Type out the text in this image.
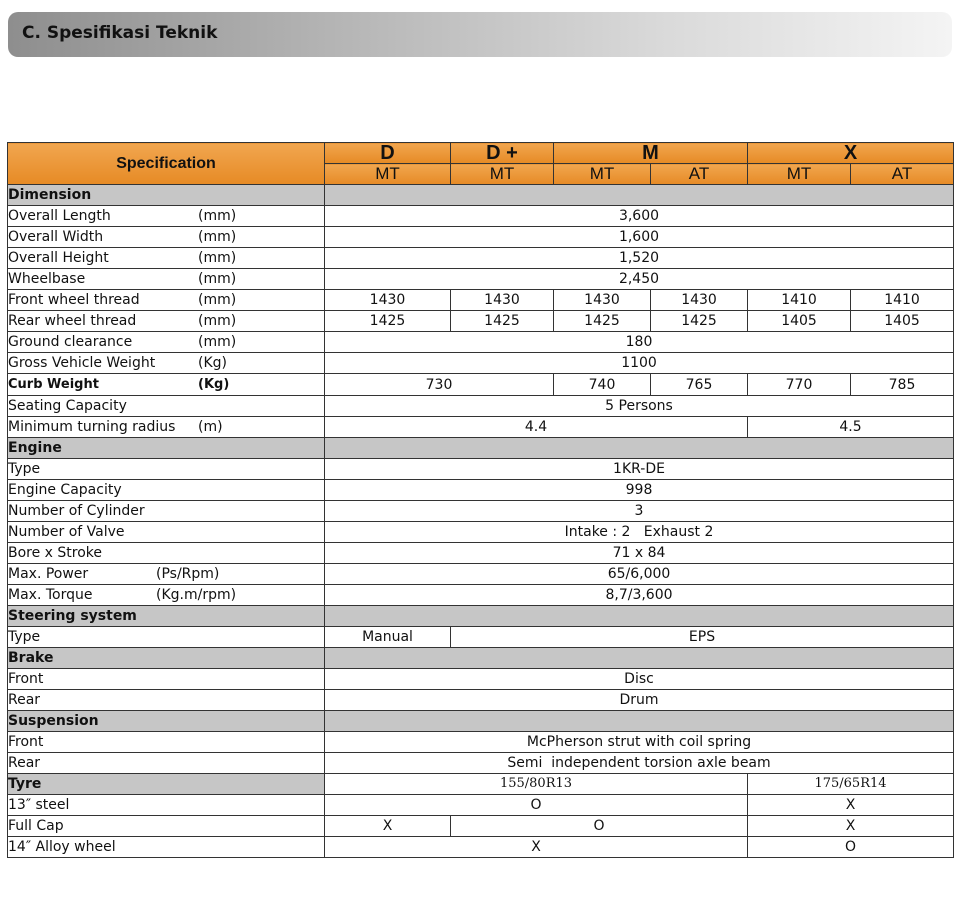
C. Spesifikasi Teknik
Specification	D	D +	M		X	
	MT	MT	MT	AT	MT	AT
Dimension						
Overall Length (mm)	3,600					
Overall Width (mm)	1,600					
Overall Height (mm)	1,520					
Wheelbase (mm)	2,450					
Front wheel thread (mm)	1430	1430	1430	1430	1410	1410
Rear wheel thread (mm)	1425	1425	1425	1425	1405	1405
Ground clearance (mm)	180					
Gross Vehicle Weight (Kg)	1100					
Curb Weight (Kg)	730		740	765	770	785
Seating Capacity	5 Persons					
Minimum turning radius (m)	4.4				4.5	
Engine						
Type	1KR-DE					
Engine Capacity	998					
Number of Cylinder	3					
Number of Valve	Intake : 2   Exhaust 2					
Bore x Stroke	71 x 84					
Max. Power (Ps/Rpm)	65/6,000					
Max. Torque (Kg.m/rpm)	8,7/3,600					
Steering system						
Type	Manual	EPS				
Brake						
Front	Disc					
Rear	Drum					
Suspension						
Front	McPherson strut with coil spring					
Rear	Semi  independent torsion axle beam					
Tyre	155/80R13				175/65R14	
13″ steel	O				X	
Full Cap	X	O			X	
14″ Alloy wheel	X				O	
